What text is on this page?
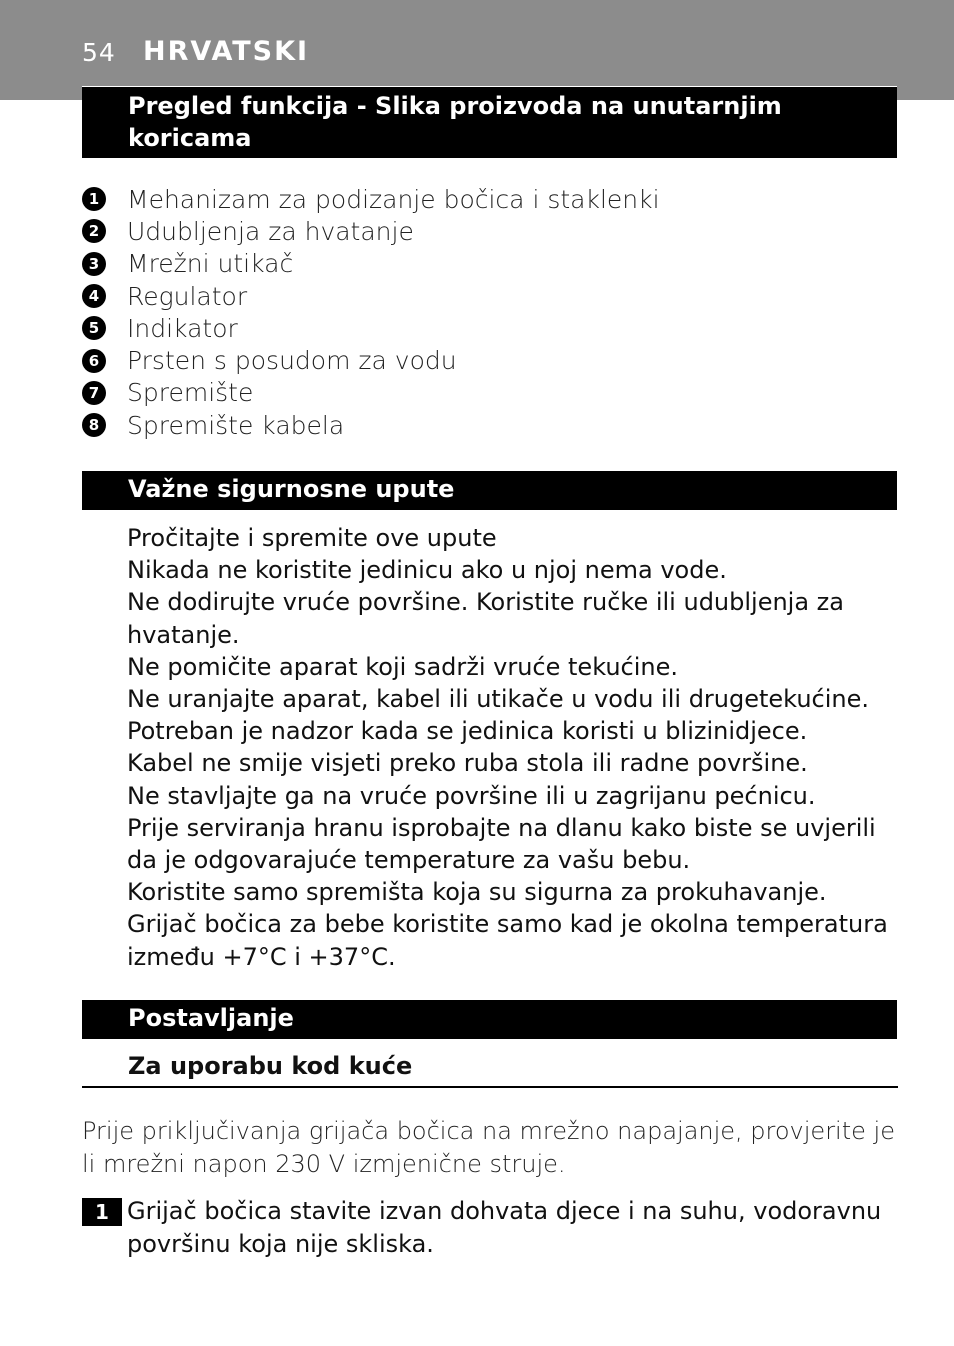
54 HRVATSKI
Pregled funkcija - Slika proizvoda na unutarnjim koricama
1 Mehanizam za podizanje bočica i staklenki
2 Udubljenja za hvatanje
3 Mrežni utikač
4 Regulator
5 Indikator
6 Prsten s posudom za vodu
7 Spremište
8 Spremište kabela
Važne sigurnosne upute

Pročitajte i spremite ove upute

Nikada ne koristite jedinicu ako u njoj nema vode.

Ne dodirujte vruće površine. Koristite ručke ili udubljenja za hvatanje.

Ne pomičite aparat koji sadrži vruće tekućine.

Ne uranjajte aparat, kabel ili utikače u vodu ili drugetekućine.

Potreban je nadzor kada se jedinica koristi u blizinidjece.

Kabel ne smije visjeti preko ruba stola ili radne površine.

Ne stavljajte ga na vruće površine ili u zagrijanu pećnicu.

Prije serviranja hranu isprobajte na dlanu kako biste se uvjerili da je odgovarajuće temperature za vašu bebu.

Koristite samo spremišta koja su sigurna za prokuhavanje.

Grijač bočica za bebe koristite samo kad je okolna temperatura između +7°C i +37°C.

Postavljanje
Za uporabu kod kuće

Prije priključivanja grijača bočica na mrežno napajanje, provjerite je li mrežni napon 230 V izmjenične struje.

1 Grijač bočica stavite izvan dohvata djece i na suhu, vodoravnu površinu koja nije skliska.
